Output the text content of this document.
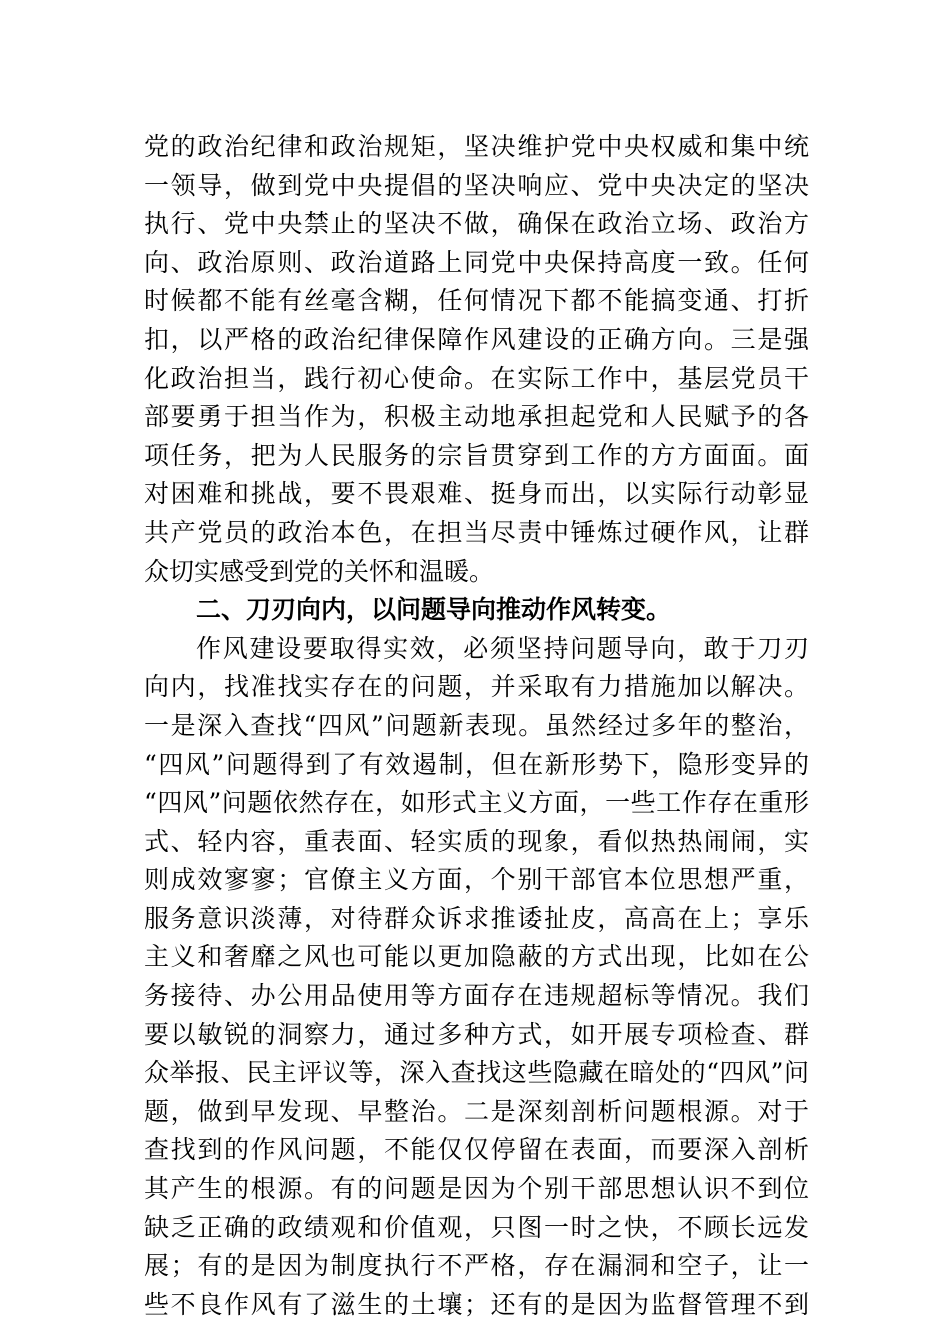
党的政治纪律和政治规矩，坚决维护党中央权威和集中统
一领导，做到党中央提倡的坚决响应、党中央决定的坚决
执行、党中央禁止的坚决不做，确保在政治立场、政治方
向、政治原则、政治道路上同党中央保持高度一致。任何
时候都不能有丝毫含糊，任何情况下都不能搞变通、打折
扣，以严格的政治纪律保障作风建设的正确方向。三是强
化政治担当，践行初心使命。在实际工作中，基层党员干
部要勇于担当作为，积极主动地承担起党和人民赋予的各
项任务，把为人民服务的宗旨贯穿到工作的方方面面。面
对困难和挑战，要不畏艰难、挺身而出，以实际行动彰显
共产党员的政治本色，在担当尽责中锤炼过硬作风，让群
众切实感受到党的关怀和温暖。
二、刀刃向内，以问题导向推动作风转变。
作风建设要取得实效，必须坚持问题导向，敢于刀刃
向内，找准找实存在的问题，并采取有力措施加以解决。
一是深入查找“四风”问题新表现。虽然经过多年的整治，
“四风”问题得到了有效遏制，但在新形势下，隐形变异的
“四风”问题依然存在，如形式主义方面，一些工作存在重形
式、轻内容，重表面、轻实质的现象，看似热热闹闹，实
则成效寥寥；官僚主义方面，个别干部官本位思想严重，
服务意识淡薄，对待群众诉求推诿扯皮，高高在上；享乐
主义和奢靡之风也可能以更加隐蔽的方式出现，比如在公
务接待、办公用品使用等方面存在违规超标等情况。我们
要以敏锐的洞察力，通过多种方式，如开展专项检查、群
众举报、民主评议等，深入查找这些隐藏在暗处的“四风”问
题，做到早发现、早整治。二是深刻剖析问题根源。对于
查找到的作风问题，不能仅仅停留在表面，而要深入剖析
其产生的根源。有的问题是因为个别干部思想认识不到位
缺乏正确的政绩观和价值观，只图一时之快，不顾长远发
展；有的是因为制度执行不严格，存在漏洞和空子，让一
些不良作风有了滋生的土壤；还有的是因为监督管理不到
